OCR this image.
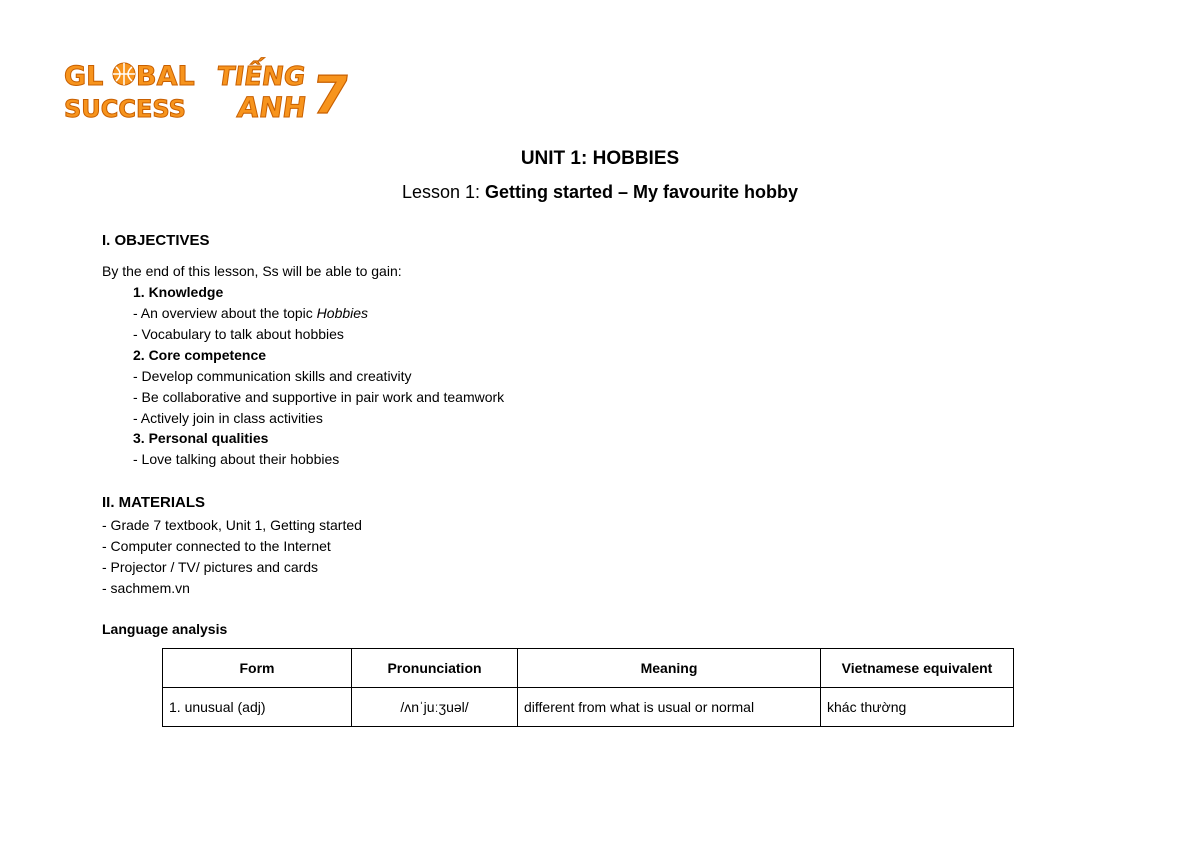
GL BAL
SUCCESS
TIẾNG
ANH 7
UNIT 1: HOBBIES
Lesson 1: Getting started – My favourite hobby
I. OBJECTIVES
By the end of this lesson, Ss will be able to gain:
1. Knowledge
- An overview about the topic Hobbies
- Vocabulary to talk about hobbies
2. Core competence
- Develop communication skills and creativity
- Be collaborative and supportive in pair work and teamwork
- Actively join in class activities
3. Personal qualities
- Love talking about their hobbies
II. MATERIALS
- Grade 7 textbook, Unit 1, Getting started
- Computer connected to the Internet
- Projector / TV/ pictures and cards
- sachmem.vn
Language analysis
Form	Pronunciation	Meaning	Vietnamese equivalent
1. unusual (adj)	/ʌnˈjuːʒuəl/	different from what is usual or normal	khác thường
